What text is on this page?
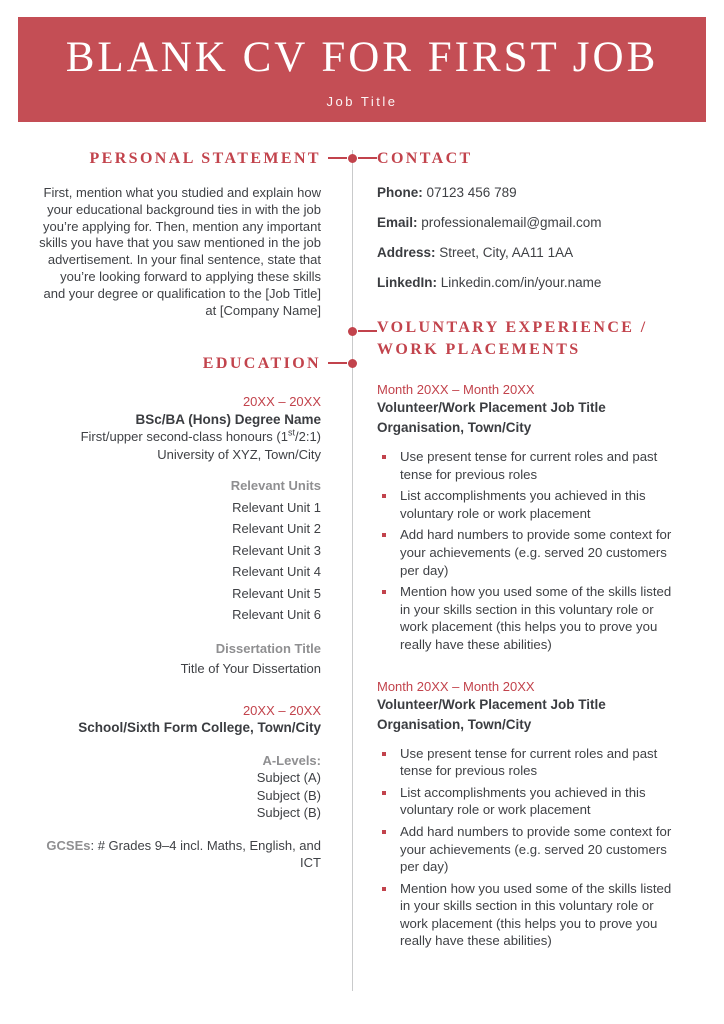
BLANK CV FOR FIRST JOB
Job Title
PERSONAL STATEMENT

First, mention what you studied and explain how your educational background ties in with the job you’re applying for. Then, mention any important skills you have that you saw mentioned in the job advertisement. In your final sentence, state that you’re looking forward to applying these skills and your degree or qualification to the [Job Title] at [Company Name]

EDUCATION
20XX – 20XX
BSc/BA (Hons) Degree Name
First/upper second-class honours (1st/2:1)
University of XYZ, Town/City
Relevant Units
Relevant Unit 1
Relevant Unit 2
Relevant Unit 3
Relevant Unit 4
Relevant Unit 5
Relevant Unit 6
Dissertation Title
Title of Your Dissertation
20XX – 20XX
School/Sixth Form College, Town/City
A-Levels:
Subject (A)
Subject (B)
Subject (B)
GCSEs: # Grades 9–4 incl. Maths, English, and ICT
CONTACT
Phone: 07123 456 789
Email: professionalemail@gmail.com
Address: Street, City, AA11 1AA
LinkedIn: Linkedin.com/in/your.name
VOLUNTARY EXPERIENCE /
WORK PLACEMENTS
Month 20XX – Month 20XX
Volunteer/Work Placement Job Title
Organisation, Town/City
Use present tense for current roles and past tense for previous roles
List accomplishments you achieved in this voluntary role or work placement
Add hard numbers to provide some context for your achievements (e.g. served 20 customers per day)
Mention how you used some of the skills listed in your skills section in this voluntary role or work placement (this helps you to prove you really have these abilities)
Month 20XX – Month 20XX
Volunteer/Work Placement Job Title
Organisation, Town/City
Use present tense for current roles and past tense for previous roles
List accomplishments you achieved in this voluntary role or work placement
Add hard numbers to provide some context for your achievements (e.g. served 20 customers per day)
Mention how you used some of the skills listed in your skills section in this voluntary role or work placement (this helps you to prove you really have these abilities)
